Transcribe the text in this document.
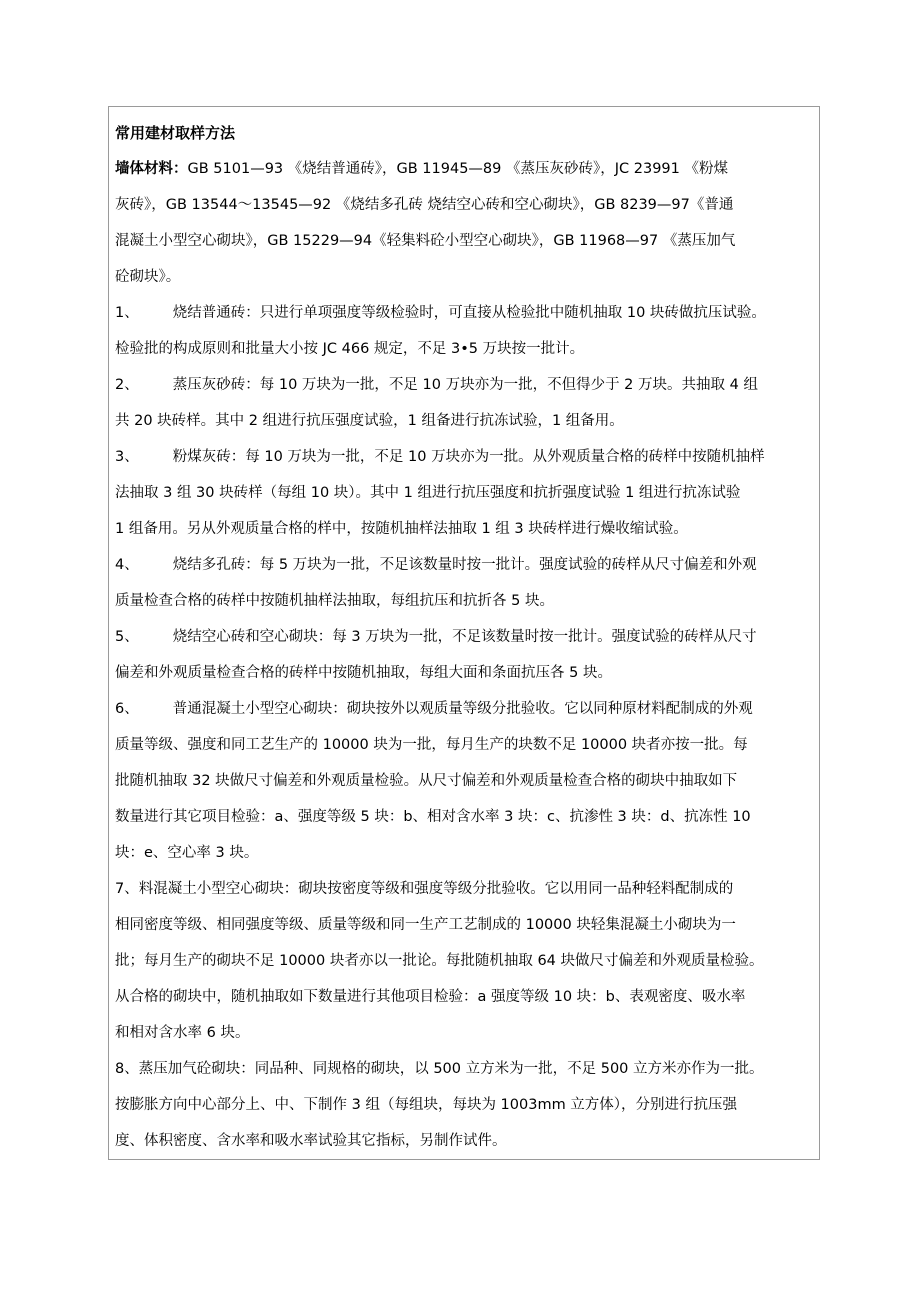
常用建材取样方法
墙体材料：GB 5101—93 《烧结普通砖》，GB 11945—89 《蒸压灰砂砖》，JC 23991 《粉煤
灰砖》，GB 13544～13545—92 《烧结多孔砖 烧结空心砖和空心砌块》，GB 8239—97《普通
混凝土小型空心砌块》，GB 15229—94《轻集料砼小型空心砌块》，GB 11968—97 《蒸压加气
砼砌块》。
1、 烧结普通砖：只进行单项强度等级检验时，可直接从检验批中随机抽取 10 块砖做抗压试验。
检验批的构成原则和批量大小按 JC 466 规定，不足 3•5 万块按一批计。
2、 蒸压灰砂砖：每 10 万块为一批，不足 10 万块亦为一批，不但得少于 2 万块。共抽取 4 组
共 20 块砖样。其中 2 组进行抗压强度试验，1 组备进行抗冻试验，1 组备用。
3、 粉煤灰砖：每 10 万块为一批，不足 10 万块亦为一批。从外观质量合格的砖样中按随机抽样
法抽取 3 组 30 块砖样（每组 10 块）。其中 1 组进行抗压强度和抗折强度试验 1 组进行抗冻试验
1 组备用。另从外观质量合格的样中，按随机抽样法抽取 1 组 3 块砖样进行燥收缩试验。
4、 烧结多孔砖：每 5 万块为一批，不足该数量时按一批计。强度试验的砖样从尺寸偏差和外观
质量检查合格的砖样中按随机抽样法抽取，每组抗压和抗折各 5 块。
5、 烧结空心砖和空心砌块：每 3 万块为一批，不足该数量时按一批计。强度试验的砖样从尺寸
偏差和外观质量检查合格的砖样中按随机抽取，每组大面和条面抗压各 5 块。
6、 普通混凝土小型空心砌块：砌块按外以观质量等级分批验收。它以同种原材料配制成的外观
质量等级、强度和同工艺生产的 10000 块为一批，每月生产的块数不足 10000 块者亦按一批。每
批随机抽取 32 块做尺寸偏差和外观质量检验。从尺寸偏差和外观质量检查合格的砌块中抽取如下
数量进行其它项目检验：a、强度等级 5 块：b、相对含水率 3 块：c、抗渗性 3 块：d、抗冻性 10
块：e、空心率 3 块。
7、料混凝土小型空心砌块：砌块按密度等级和强度等级分批验收。它以用同一品种轻料配制成的
相同密度等级、相同强度等级、质量等级和同一生产工艺制成的 10000 块轻集混凝土小砌块为一
批；每月生产的砌块不足 10000 块者亦以一批论。每批随机抽取 64 块做尺寸偏差和外观质量检验。
从合格的砌块中，随机抽取如下数量进行其他项目检验：a 强度等级 10 块：b、表观密度、吸水率
和相对含水率 6 块。
8、蒸压加气砼砌块：同品种、同规格的砌块，以 500 立方米为一批，不足 500 立方米亦作为一批。
按膨胀方向中心部分上、中、下制作 3 组（每组块，每块为 1003mm 立方体），分别进行抗压强
度、体积密度、含水率和吸水率试验其它指标，另制作试件。
